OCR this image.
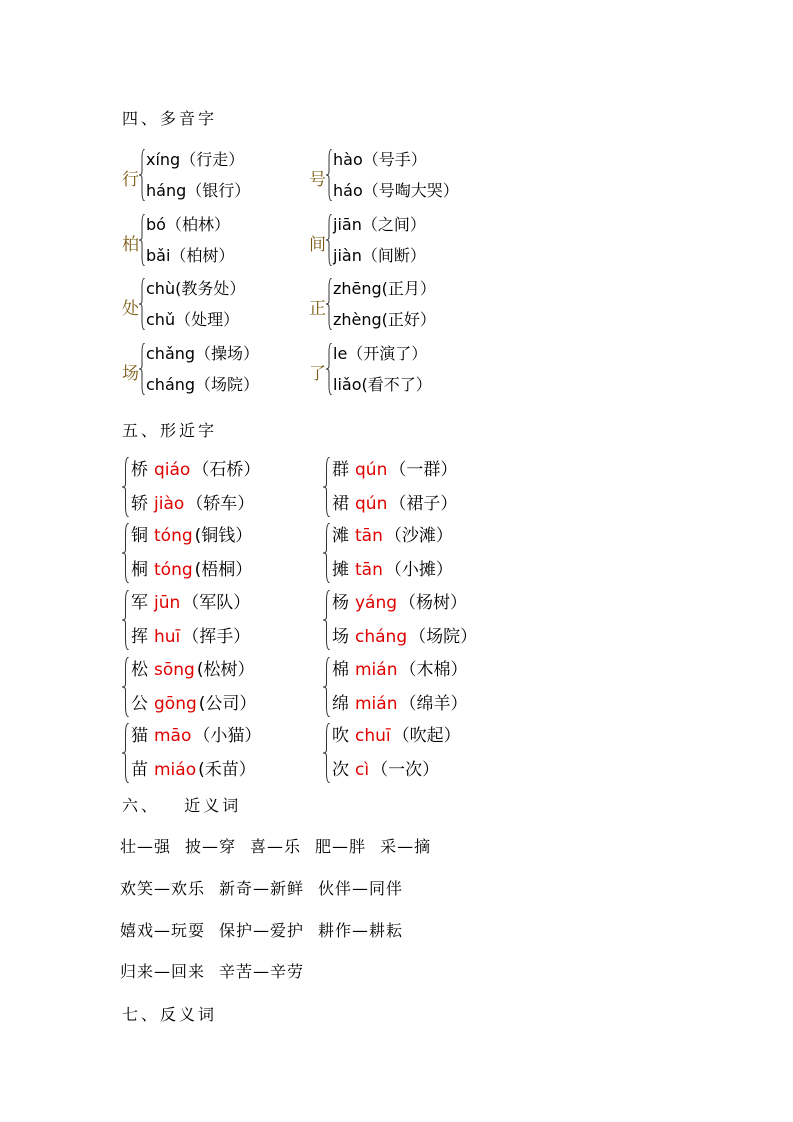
四、多音字
行
xíng（行走）
háng（银行）
号
hào（号手）
háo（号啕大哭）
柏
bó（柏林）
bǎi（柏树）
间
jiān（之间）
jiàn（间断）
处
chù(教务处）
chǔ（处理）
正
zhēng(正月）
zhèng(正好）
场
chǎng（操场）
cháng（场院）
了
le（开演了）
liǎo(看不了）
五、形近字
桥 qiáo （石桥）
轿 jiào （轿车）
群 qún （一群）
裙 qún （裙子）
铜 tóng (铜钱）
桐 tóng (梧桐）
滩 tān （沙滩）
摊 tān （小摊）
军 jūn （军队）
挥 huī （挥手）
杨 yáng （杨树）
场 cháng （场院）
松 sōng (松树）
公 gōng (公司）
棉 mián （木棉）
绵 mián （绵羊）
猫 māo （小猫）
苗 miáo (禾苗）
吹 chuī （吹起）
次 cì （一次）
六、   近义词
壮—强 披—穿 喜—乐 肥—胖 采—摘
欢笑—欢乐 新奇—新鲜 伙伴—同伴
嬉戏—玩耍 保护—爱护 耕作—耕耘
归来—回来 辛苦—辛劳
七、反义词
